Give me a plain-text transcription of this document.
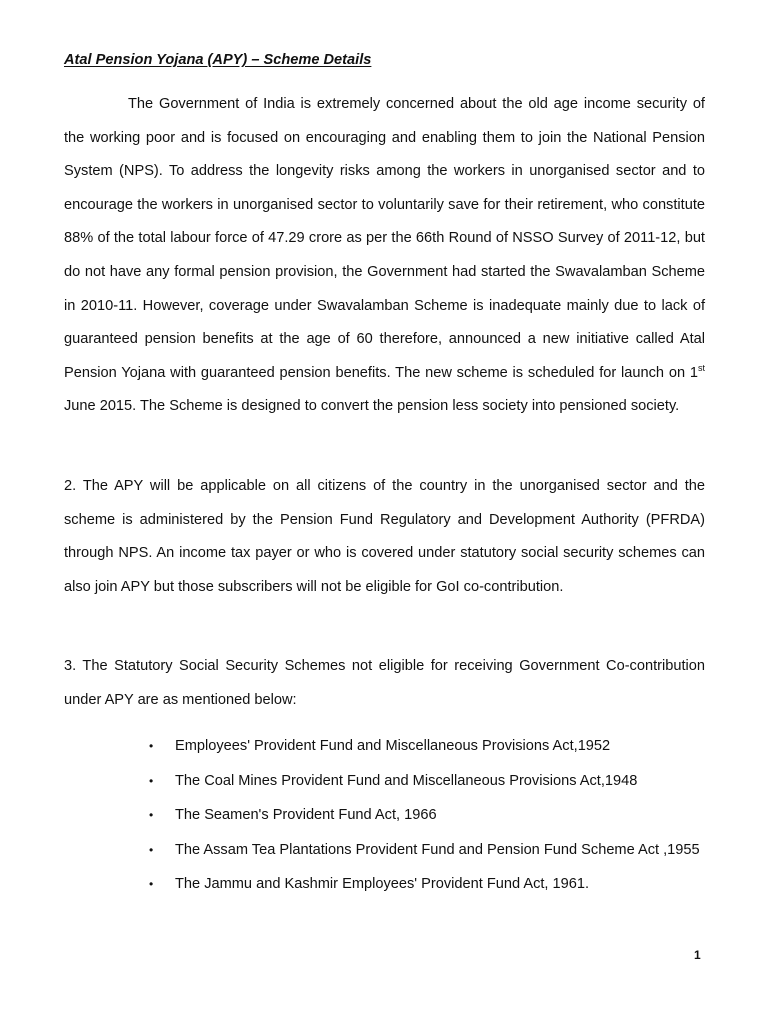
Atal Pension Yojana (APY) – Scheme Details

The Government of India is extremely concerned about the old age income security of the working poor and is focused on encouraging and enabling them to join the National Pension System (NPS). To address the longevity risks among the workers in unorganised sector and to encourage the workers in unorganised sector to voluntarily save for their retirement, who constitute 88% of the total labour force of 47.29 crore as per the 66th Round of NSSO Survey of 2011-12, but do not have any formal pension provision, the Government had started the Swavalamban Scheme in 2010-11. However, coverage under Swavalamban Scheme is inadequate mainly due to lack of guaranteed pension benefits at the age of 60 therefore, announced a new initiative called Atal Pension Yojana with guaranteed pension benefits. The new scheme is scheduled for launch on 1st June 2015. The Scheme is designed to convert the pension less society into pensioned society.

2. The APY will be applicable on all citizens of the country in the unorganised sector and the scheme is administered by the Pension Fund Regulatory and Development Authority (PFRDA) through NPS. An income tax payer or who is covered under statutory social security schemes can also join APY but those subscribers will not be eligible for GoI co-contribution.

3. The Statutory Social Security Schemes not eligible for receiving Government Co-contribution under APY are as mentioned below:

• Employees' Provident Fund and Miscellaneous Provisions Act,1952
• The Coal Mines Provident Fund and Miscellaneous Provisions Act,1948
• The Seamen's Provident Fund Act, 1966
• The Assam Tea Plantations Provident Fund and Pension Fund Scheme Act ,1955
• The Jammu and Kashmir Employees' Provident Fund Act, 1961.
1
